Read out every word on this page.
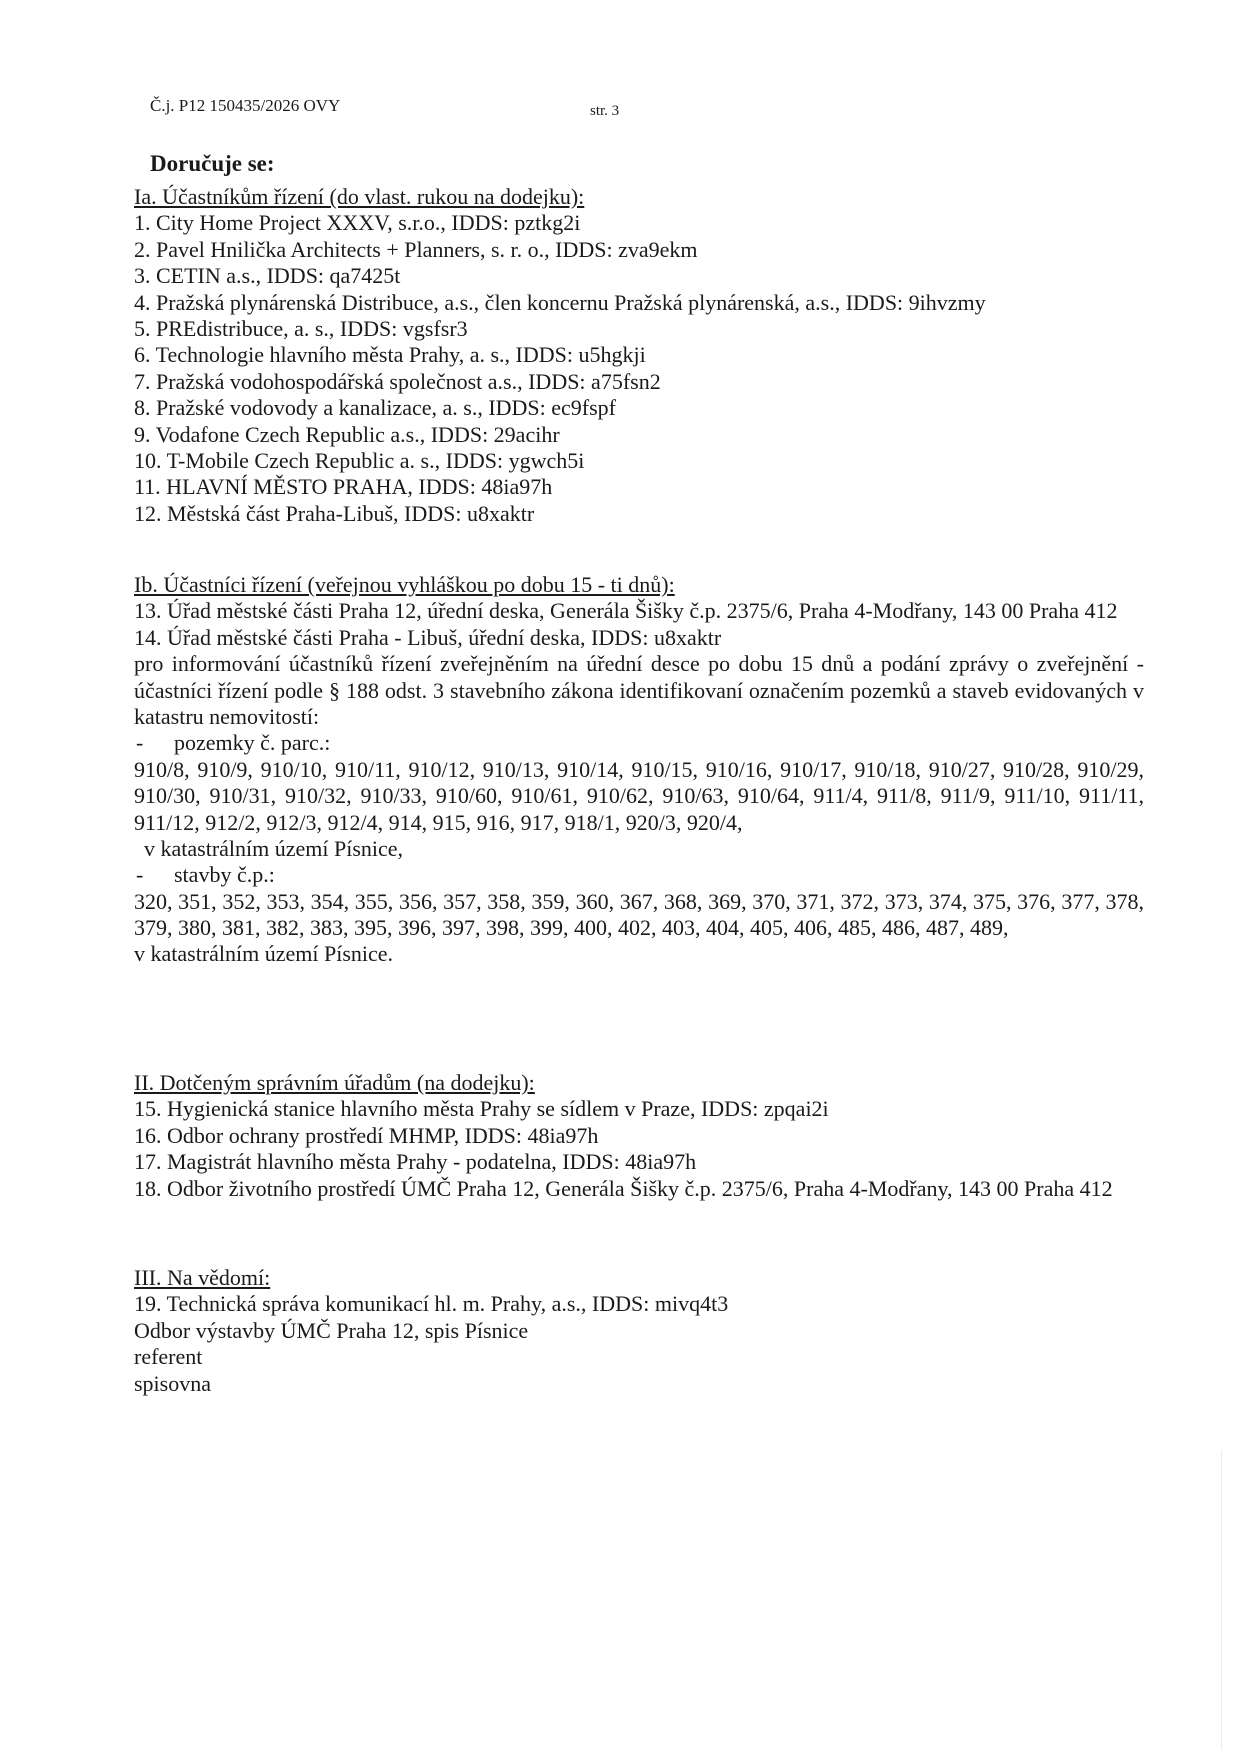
Č.j. P12 150435/2026 OVY	str. 3
Doručuje se:

Ia. Účastníkům řízení (do vlast. rukou na dodejku):

1. City Home Project XXXV, s.r.o., IDDS: pztkg2i

2. Pavel Hnilička Architects + Planners, s. r. o., IDDS: zva9ekm

3. CETIN a.s., IDDS: qa7425t

4. Pražská plynárenská Distribuce, a.s., člen koncernu Pražská plynárenská, a.s., IDDS: 9ihvzmy

5. PREdistribuce, a. s., IDDS: vgsfsr3

6. Technologie hlavního města Prahy, a. s., IDDS: u5hgkji

7. Pražská vodohospodářská společnost a.s., IDDS: a75fsn2

8. Pražské vodovody a kanalizace, a. s., IDDS: ec9fspf

9. Vodafone Czech Republic a.s., IDDS: 29acihr

10. T-Mobile Czech Republic a. s., IDDS: ygwch5i

11. HLAVNÍ MĚSTO PRAHA, IDDS: 48ia97h

12. Městská část Praha-Libuš, IDDS: u8xaktr

Ib. Účastníci řízení (veřejnou vyhláškou po dobu 15 - ti dnů):

13. Úřad městské části Praha 12, úřední deska, Generála Šišky č.p. 2375/6, Praha 4-Modřany, 143 00 Praha 412

14. Úřad městské části Praha - Libuš, úřední deska, IDDS: u8xaktr

pro informování účastníků řízení zveřejněním na úřední desce po dobu 15 dnů a podání zprávy o zveřejnění - účastníci řízení podle § 188 odst. 3 stavebního zákona identifikovaní označením pozemků a staveb evidovaných v katastru nemovitostí:

- pozemky č. parc.:

910/8, 910/9, 910/10, 910/11, 910/12, 910/13, 910/14, 910/15, 910/16, 910/17, 910/18, 910/27, 910/28, 910/29, 910/30, 910/31, 910/32, 910/33, 910/60, 910/61, 910/62, 910/63, 910/64, 911/4, 911/8, 911/9, 911/10, 911/11, 911/12, 912/2, 912/3, 912/4, 914, 915, 916, 917, 918/1, 920/3, 920/4,

v katastrálním území Písnice,

- stavby č.p.:

320, 351, 352, 353, 354, 355, 356, 357, 358, 359, 360, 367, 368, 369, 370, 371, 372, 373, 374, 375, 376, 377, 378, 379, 380, 381, 382, 383, 395, 396, 397, 398, 399, 400, 402, 403, 404, 405, 406, 485, 486, 487, 489,

v katastrálním území Písnice.

II. Dotčeným správním úřadům (na dodejku):

15. Hygienická stanice hlavního města Prahy se sídlem v Praze, IDDS: zpqai2i

16. Odbor ochrany prostředí MHMP, IDDS: 48ia97h

17. Magistrát hlavního města Prahy - podatelna, IDDS: 48ia97h

18. Odbor životního prostředí ÚMČ Praha 12, Generála Šišky č.p. 2375/6, Praha 4-Modřany, 143 00 Praha 412

III. Na vědomí:

19. Technická správa komunikací hl. m. Prahy, a.s., IDDS: mivq4t3

Odbor výstavby ÚMČ Praha 12, spis Písnice

referent

spisovna
